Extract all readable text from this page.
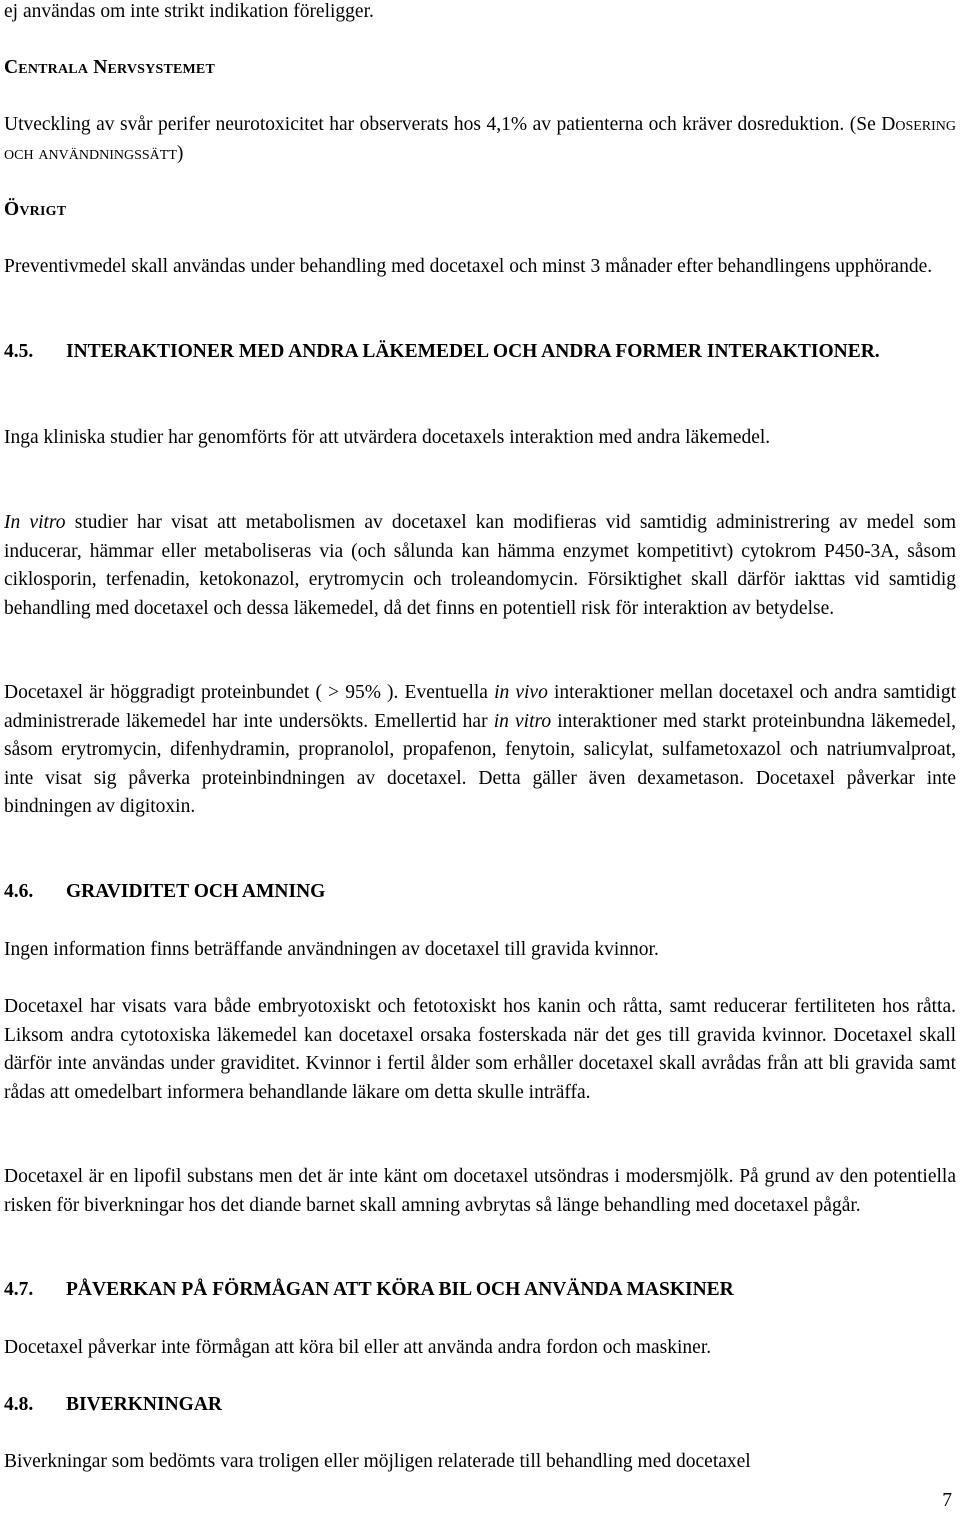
ej användas om inte strikt indikation föreligger.

Centrala Nervsystemet

Utveckling av svår perifer neurotoxicitet har observerats hos 4,1% av patienterna och kräver dosreduktion. (Se Dosering och användningssätt)

Övrigt

Preventivmedel skall användas under behandling med docetaxel och minst 3 månader efter behandlingens upphörande.

4.5. INTERAKTIONER MED ANDRA LÄKEMEDEL OCH ANDRA FORMER INTERAKTIONER.

Inga kliniska studier har genomförts för att utvärdera docetaxels interaktion med andra läkemedel.

In vitro studier har visat att metabolismen av docetaxel kan modifieras vid samtidig administrering av medel som inducerar, hämmar eller metaboliseras via (och sålunda kan hämma enzymet kompetitivt) cytokrom P450-3A, såsom ciklosporin, terfenadin, ketokonazol, erytromycin och troleandomycin. Försiktighet skall därför iakttas vid samtidig behandling med docetaxel och dessa läkemedel, då det finns en potentiell risk för interaktion av betydelse.

Docetaxel är höggradigt proteinbundet ( > 95% ). Eventuella in vivo interaktioner mellan docetaxel och andra samtidigt administrerade läkemedel har inte undersökts. Emellertid har in vitro interaktioner med starkt proteinbundna läkemedel, såsom erytromycin, difenhydramin, propranolol, propafenon, fenytoin, salicylat, sulfametoxazol och natriumvalproat, inte visat sig påverka proteinbindningen av docetaxel. Detta gäller även dexametason. Docetaxel påverkar inte bindningen av digitoxin.

4.6. GRAVIDITET OCH AMNING

Ingen information finns beträffande användningen av docetaxel till gravida kvinnor.

Docetaxel har visats vara både embryotoxiskt och fetotoxiskt hos kanin och råtta, samt reducerar fertiliteten hos råtta. Liksom andra cytotoxiska läkemedel kan docetaxel orsaka fosterskada när det ges till gravida kvinnor. Docetaxel skall därför inte användas under graviditet. Kvinnor i fertil ålder som erhåller docetaxel skall avrådas från att bli gravida samt rådas att omedelbart informera behandlande läkare om detta skulle inträffa.

Docetaxel är en lipofil substans men det är inte känt om docetaxel utsöndras i modersmjölk. På grund av den potentiella risken för biverkningar hos det diande barnet skall amning avbrytas så länge behandling med docetaxel pågår.

4.7. PÅVERKAN PÅ FÖRMÅGAN ATT KÖRA BIL OCH ANVÄNDA MASKINER

Docetaxel påverkar inte förmågan att köra bil eller att använda andra fordon och maskiner.

4.8. BIVERKNINGAR

Biverkningar som bedömts vara troligen eller möjligen relaterade till behandling med docetaxel

7
